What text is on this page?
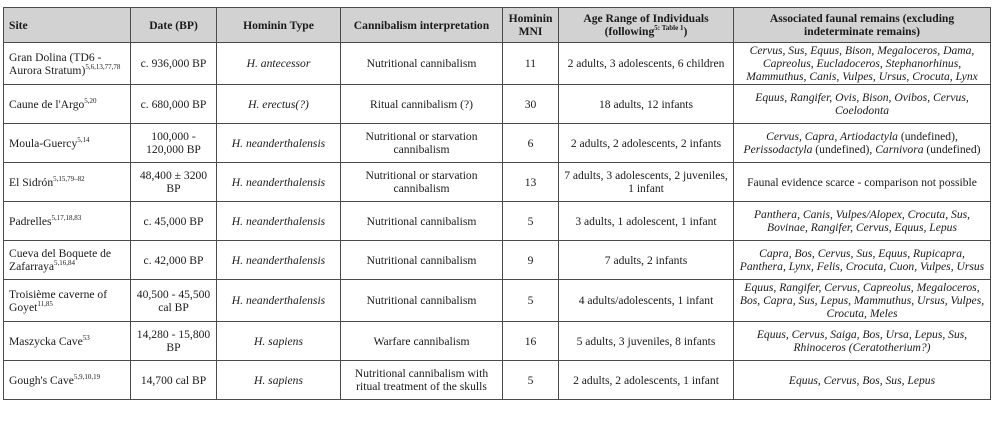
Site	Date (BP)	Hominin Type	Cannibalism interpretation	Hominin MNI	Age Range of Individuals (following$^{5: Table 1}$)	Associated faunal remains (excluding indeterminate remains)
Gran Dolina (TD6 - Aurora Stratum)$^{5,6,13,77,78}$	c. 936,000 BP	H. antecessor	Nutritional cannibalism	11	2 adults, 3 adolescents, 6 children	Cervus, Sus, Equus, Bison, Megaloceros, Dama, Capreolus, Eucladoceros, Stephanorhinus, Mammuthus, Canis, Vulpes, Ursus, Crocuta, Lynx
Caune de l'Argo$^{5,20}$	c. 680,000 BP	H. erectus(?)	Ritual cannibalism (?)	30	18 adults, 12 infants	Equus, Rangifer, Ovis, Bison, Ovibos, Cervus, Coelodonta
Moula-Guercy$^{5,14}$	100,000 - 120,000 BP	H. neanderthalensis	Nutritional or starvation cannibalism	6	2 adults, 2 adolescents, 2 infants	Cervus, Capra, Artiodactyla (undefined), Perissodactyla (undefined), Carnivora (undefined)
El Sidrón$^{5,15,79-82}$	48,400 ± 3200 BP	H. neanderthalensis	Nutritional or starvation cannibalism	13	7 adults, 3 adolescents, 2 juveniles, 1 infant	Faunal evidence scarce - comparison not possible
Padrelles$^{5,17,18,83}$	c. 45,000 BP	H. neanderthalensis	Nutritional cannibalism	5	3 adults, 1 adolescent, 1 infant	Panthera, Canis, Vulpes/Alopex, Crocuta, Sus, Bovinae, Rangifer, Cervus, Equus, Lepus
Cueva del Boquete de Zafarraya$^{5,16,84}$	c. 42,000 BP	H. neanderthalensis	Nutritional cannibalism	9	7 adults, 2 infants	Capra, Bos, Cervus, Sus, Equus, Rupicapra, Panthera, Lynx, Felis, Crocuta, Cuon, Vulpes, Ursus
Troisième caverne of Goyet$^{11,85}$	40,500 - 45,500 cal BP	H. neanderthalensis	Nutritional cannibalism	5	4 adults/adolescents, 1 infant	Equus, Rangifer, Cervus, Capreolus, Megaloceros, Bos, Capra, Sus, Lepus, Mammuthus, Ursus, Vulpes, Crocuta, Meles
Maszycka Cave$^{53}$	14,280 - 15,800 BP	H. sapiens	Warfare cannibalism	16	5 adults, 3 juveniles, 8 infants	Equus, Cervus, Saiga, Bos, Ursa, Lepus, Sus, Rhinoceros (Ceratotherium?)
Gough's Cave$^{5,9,10,19}$	14,700 cal BP	H. sapiens	Nutritional cannibalism with ritual treatment of the skulls	5	2 adults, 2 adolescents, 1 infant	Equus, Cervus, Bos, Sus, Lepus
